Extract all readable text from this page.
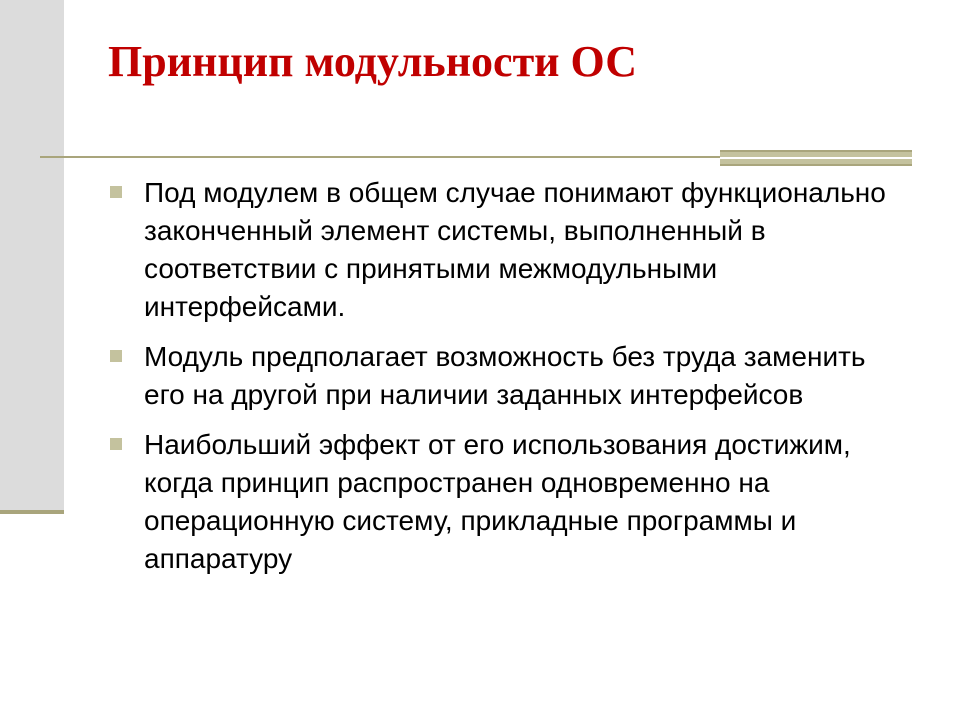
Принцип модульности ОС
Под модулем в общем случае понимают функционально законченный элемент системы, выполненный в соответствии с принятыми межмодульными интерфейсами.
Модуль предполагает возможность без труда заменить его на другой при наличии заданных интерфейсов
Наибольший эффект от его использования достижим, когда принцип распространен одновременно на операционную систему, прикладные программы и аппаратуру
